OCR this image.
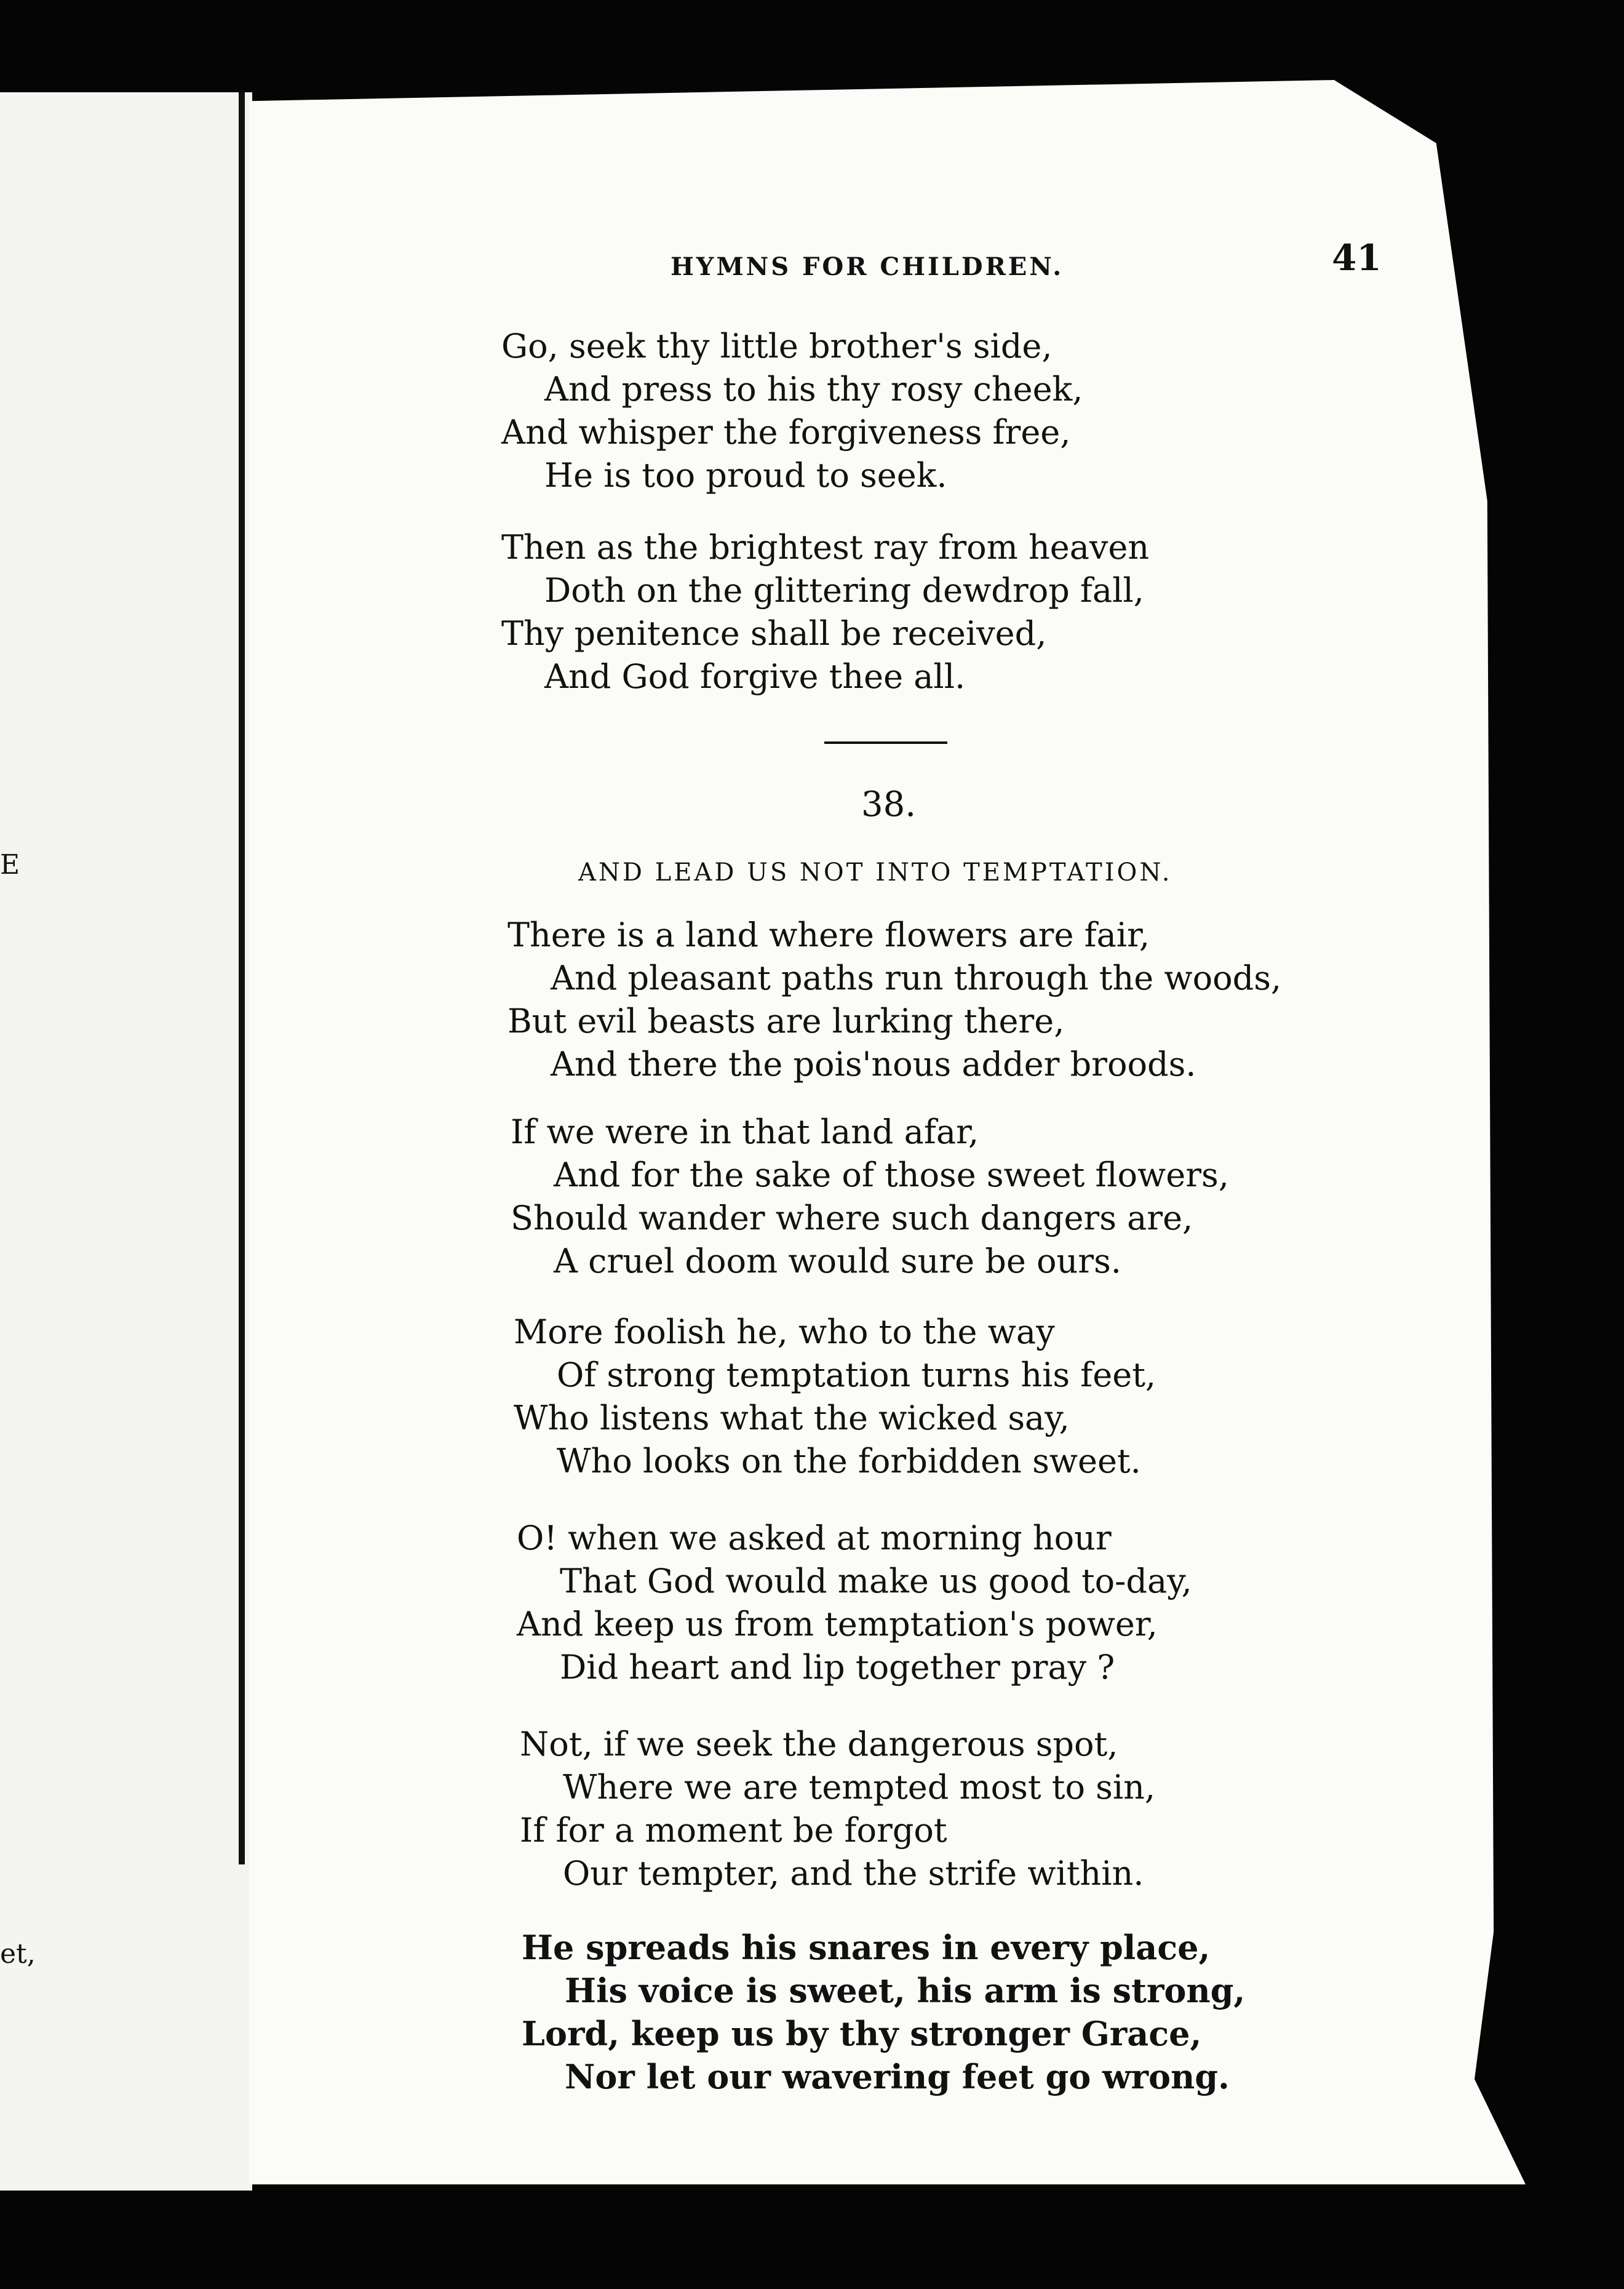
E
et,
HYMNS FOR CHILDREN.	41
Go, seek thy little brother's side,
And press to his thy rosy cheek,
And whisper the forgiveness free,
He is too proud to seek.
Then as the brightest ray from heaven
Doth on the glittering dewdrop fall,
Thy penitence shall be received,
And God forgive thee all.
38.
AND LEAD US NOT INTO TEMPTATION.
There is a land where flowers are fair,
And pleasant paths run through the woods,
But evil beasts are lurking there,
And there the pois'nous adder broods.
If we were in that land afar,
And for the sake of those sweet flowers,
Should wander where such dangers are,
A cruel doom would sure be ours.
More foolish he, who to the way
Of strong temptation turns his feet,
Who listens what the wicked say,
Who looks on the forbidden sweet.
O! when we asked at morning hour
That God would make us good to-day,
And keep us from temptation's power,
Did heart and lip together pray ?
Not, if we seek the dangerous spot,
Where we are tempted most to sin,
If for a moment be forgot
Our tempter, and the strife within.
He spreads his snares in every place,
His voice is sweet, his arm is strong,
Lord, keep us by thy stronger Grace,
Nor let our wavering feet go wrong.
